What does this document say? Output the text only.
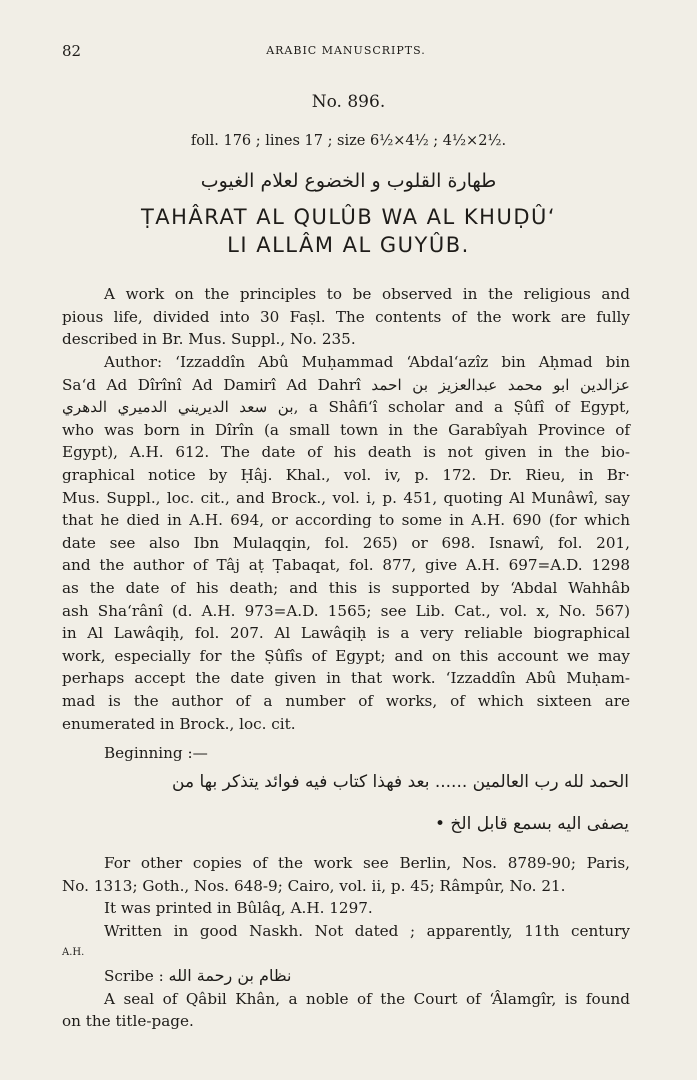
82	ARABIC MANUSCRIPTS.
No. 896.
foll. 176 ; lines 17 ; size 6½×4½ ; 4½×2½.
طهارة القلوب و الخضوع لعلام الغيوب
ṬAHÂRAT AL QULÛB WA AL KHUḌÛ‘
LI ALLÂM AL GUYÛB.
A work on the principles to be observed in the religious and
pious life, divided into 30 Faṣl. The contents of the work are fully
described in Br. Mus. Suppl., No. 235.
Author: ‘Izzaddîn Abû Muḥammad ‘Abdal‘azîz bin Aḥmad bin
Sa‘d Ad Dîrînî Ad Damirî Ad Dahrî عزالدين ابو محمد عبدالعزيز بن احمد
بن سعد الديريني الدميري الدهري, a Shâfi‘î scholar and a Ṣûfî of Egypt,
who was born in Dîrîn (a small town in the Garabîyah Province of
Egypt), A.H. 612. The date of his death is not given in the bio-
graphical notice by Ḥâj. Khal., vol. iv, p. 172. Dr. Rieu, in Br·
Mus. Suppl., loc. cit., and Brock., vol. i, p. 451, quoting Al Munâwî, say
that he died in A.H. 694, or according to some in A.H. 690 (for which
date see also Ibn Mulaqqin, fol. 265) or 698. Isnawî, fol. 201,
and the author of Tâj aṭ Ṭabaqat, fol. 877, give A.H. 697=A.D. 1298
as the date of his death; and this is supported by ‘Abdal Wahhâb
ash Sha‘rânî (d. A.H. 973=A.D. 1565; see Lib. Cat., vol. x, No. 567)
in Al Lawâqiḥ, fol. 207. Al Lawâqiḥ is a very reliable biographical
work, especially for the Ṣûfîs of Egypt; and on this account we may
perhaps accept the date given in that work. ‘Izzaddîn Abû Muḥam-
mad is the author of a number of works, of which sixteen are
enumerated in Brock., loc. cit.
Beginning :—
الحمد لله رب العالمين ...... بعد فهذا كتاب فيه فوائد يتذكر بها من
يصفى اليه بسمع قابل الخ •
For other copies of the work see Berlin, Nos. 8789-90; Paris,
No. 1313; Goth., Nos. 648-9; Cairo, vol. ii, p. 45; Râmpûr, No. 21.
It was printed in Bûlâq, A.H. 1297.
Written in good Naskh. Not dated ; apparently, 11th century
A.H.
Scribe : نظام بن رحمة الله
A seal of Qâbil Khân, a noble of the Court of ‘Âlamgîr, is found
on the title-page.
